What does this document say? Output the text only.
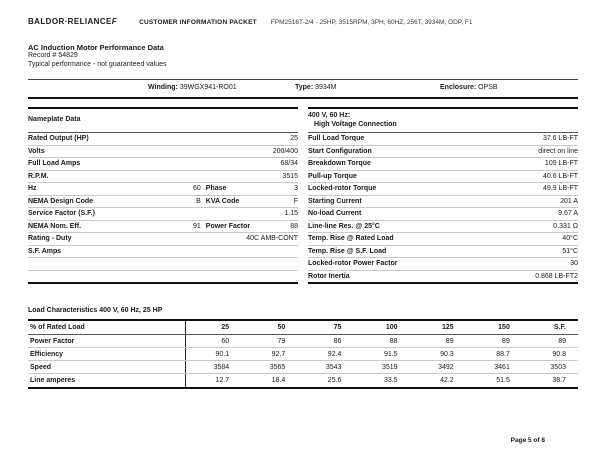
BALDOR·RELIANCEF	CUSTOMER INFORMATION PACKET FPM2516T-2/4 - 25HP, 3515RPM, 3PH, 60HZ, 256T, 3934M, ODP, F1
AC Induction Motor Performance Data
Record # 54829
Typical performance - not guaranteed values
Winding: 39WGX941-RO01	Type: 3934M	Enclosure: OPSB
Nameplate Data
Rated Output (HP)	25
Volts	200/400
Full Load Amps	68/34
R.P.M.	3515
Hz	60 Phase	3
NEMA Design Code	B KVA Code	F
Service Factor (S.F.)	1.15
NEMA Nom. Eff.	91 Power Factor	88
Rating - Duty	40C AMB-CONT
S.F. Amps
400 V, 60 Hz:
High Voltage Connection
Full Load Torque	37.6 LB-FT
Start Configuration	direct on line
Breakdown Torque	109 LB-FT
Pull-up Torque	40.6 LB-FT
Locked-rotor Torque	49.9 LB-FT
Starting Current	201 A
No-load Current	9.67 A
Line-line Res. @ 25°C	0.331 Ω
Temp. Rise @ Rated Load	40°C
Temp. Rise @ S.F. Load	51°C
Locked-rotor Power Factor	30
Rotor Inertia	0.868 LB-FT2
Load Characteristics 400 V, 60 Hz, 25 HP
% of Rated Load	25	50	75	100	125	150	S.F.
Power Factor	60	79	86	88	89	89	89
Efficiency	90.1	92.7	92.4	91.5	90.3	88.7	90.8
Speed	3584	3565	3543	3519	3492	3461	3503
Line amperes	12.7	18.4	25.6	33.5	42.2	51.5	38.7
Page 5 of 8
